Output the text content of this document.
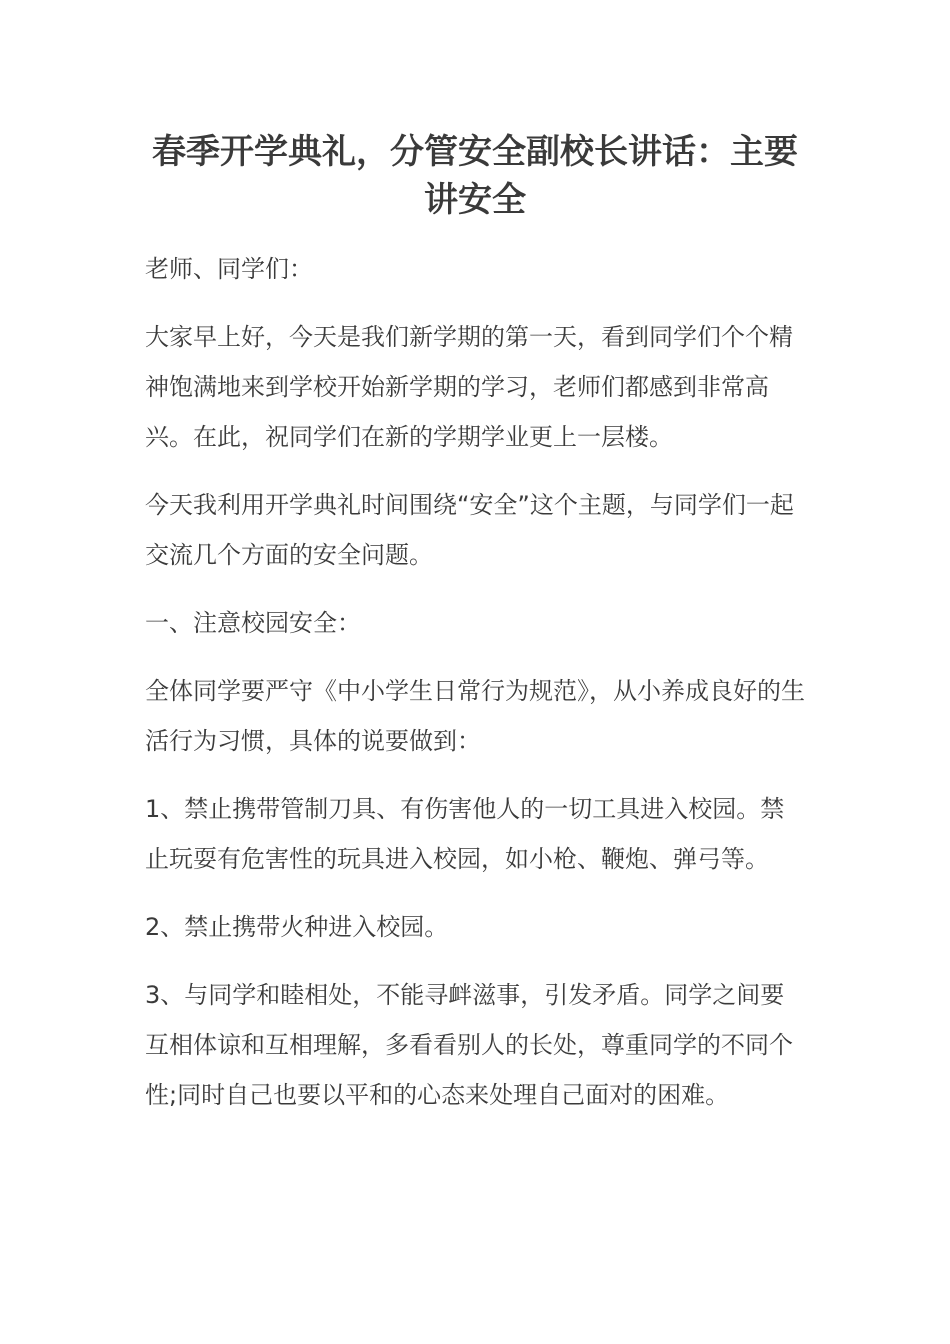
春季开学典礼，分管安全副校长讲话：主要讲安全

老师、同学们：

大家早上好，今天是我们新学期的第一天，看到同学们个个精神饱满地来到学校开始新学期的学习，老师们都感到非常高兴。在此，祝同学们在新的学期学业更上一层楼。

今天我利用开学典礼时间围绕“安全”这个主题，与同学们一起交流几个方面的安全问题。

一、注意校园安全：

全体同学要严守《中小学生日常行为规范》，从小养成良好的生活行为习惯，具体的说要做到：

1、禁止携带管制刀具、有伤害他人的一切工具进入校园。禁止玩耍有危害性的玩具进入校园，如小枪、鞭炮、弹弓等。

2、禁止携带火种进入校园。

3、与同学和睦相处，不能寻衅滋事，引发矛盾。同学之间要互相体谅和互相理解，多看看别人的长处，尊重同学的不同个性;同时自己也要以平和的心态来处理自己面对的困难。
